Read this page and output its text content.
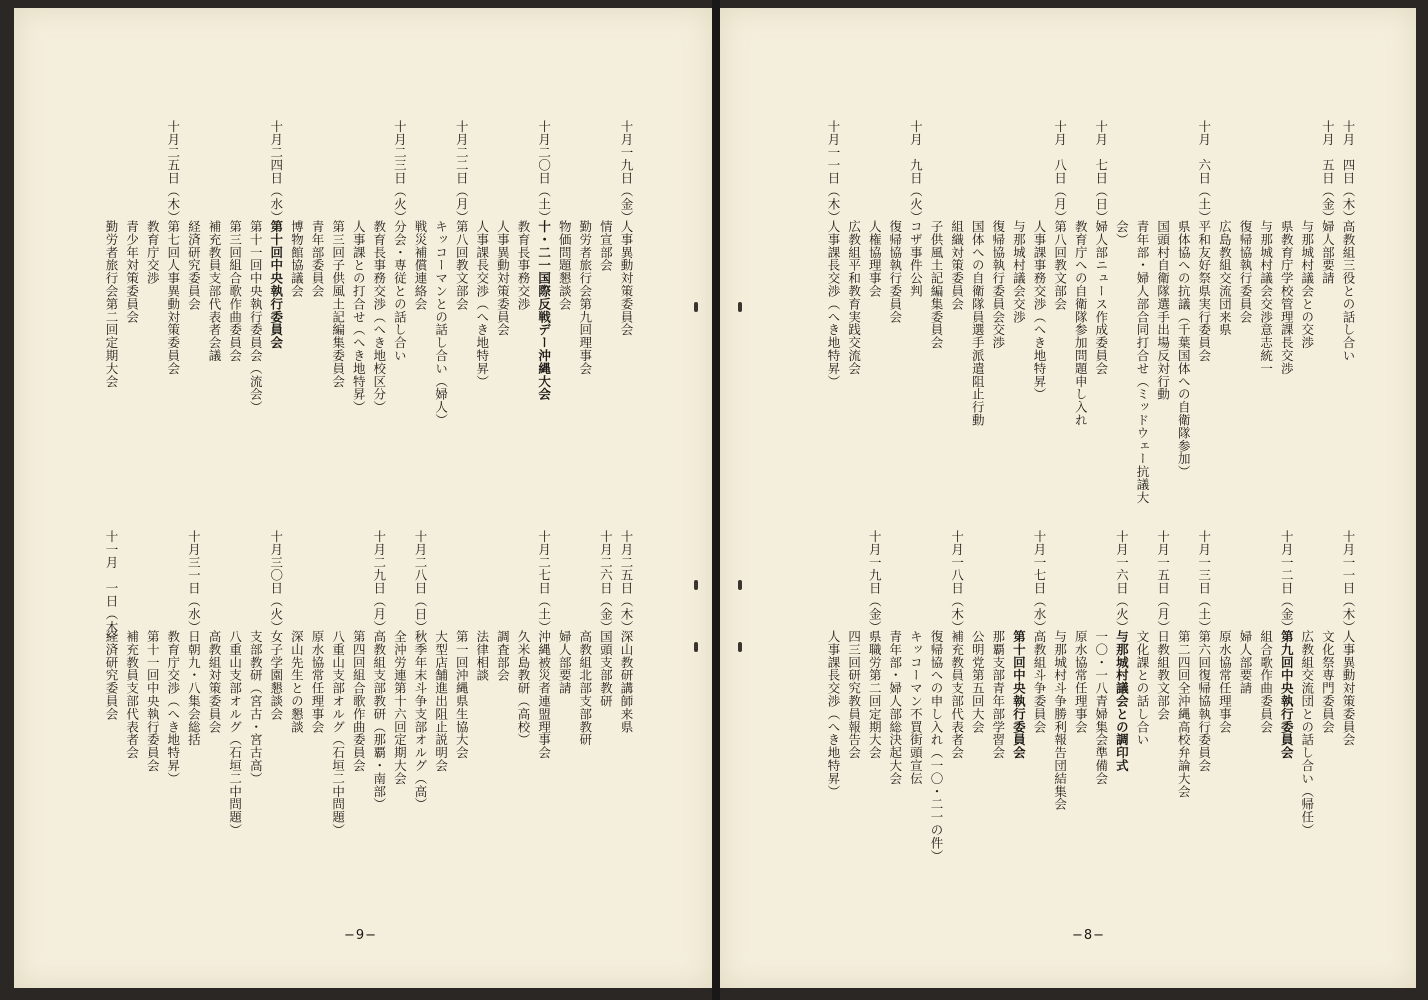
十月一九日（金）
人事異動対策委員会
情宣部会
勤労者旅行会第九回理事会
物価問題懇談会
十月二〇日（土）
十・二一国際反戦デー沖縄大会
教育長事務交渉
人事異動対策委員会
人事課長交渉（へき地特昇）
十月二二日（月）
第八回教文部会
キッコーマンとの話し合い（婦人）
戦災補償連絡会
十月二三日（火）
分会・専従との話し合い
教育長事務交渉（へき地校区分）
人事課との打合せ（へき地特昇）
第三回子供風土記編集委員会
青年部委員会
博物館協議会
十月二四日（水）
第十回中央執行委員会
第十一回中央執行委員会（流会）
第三回組合歌作曲委員会
補充教員支部代表者会議
経済研究委員会
十月二五日（木）
第七回人事異動対策委員会
教育庁交渉
青少年対策委員会
勤労者旅行会第二回定期大会
十月二五日（木）
深山教研講師来県
十月二六日（金）
国頭支部教研
高教組北部支部教研
婦人部要請
十月二七日（土）
沖縄被災者連盟理事会
久米島教研（高校）
調査部会
法律相談
第一回沖縄県生協大会
大型店舗進出阻止説明会
十月二八日（日）
秋季年末斗争支部オルグ（高）
全沖労連第十六回定期大会
十月二九日（月）
高教組支部教研（那覇・南部）
第四回組合歌作曲委員会
八重山支部オルグ（石垣二中問題）
原水協常任理事会
深山先生との懇談
十月三〇日（火）
女子学園懇談会
支部教研（宮古・宮古高）
八重山支部オルグ（石垣二中問題）
高教組対策委員会
十月三一日（水）
日朝九・八集会総括
教育庁交渉（へき地特昇）
第十一回中央執行委員会
補充教員支部代表者会
十一月　一日（木）
経済研究委員会
−9−
十月　四日（木）
高教組三役との話し合い
十月　五日（金）
婦人部要請
与那城村議会との交渉
県教育庁学校管理課長交渉
与那城村議会交渉意志統一
復帰協執行委員会
広島教組交流団来県
十月　六日（土）
平和友好祭県実行委員会
県体協への抗議（千葉国体への自衛隊参加）
国頭村自衛隊選手出場反対行動
青年部・婦人部合同打合せ（ミッドウェー抗議大
会）
十月　七日（日）
婦人部ニュース作成委員会
教育庁への自衛隊参加問題申し入れ
十月　八日（月）
第八回教文部会
人事課事務交渉（へき地特昇）
与那城村議会交渉
復帰協執行委員会交渉
国体への自衛隊員選手派遣阻止行動
組織対策委員会
子供風土記編集委員会
十月　九日（火）
コザ事件公判
復帰協執行委員会
人権協理事会
広教組平和教育実践交流会
十月一一日（木）
人事課長交渉（へき地特昇）
十月一一日（木）
人事異動対策委員会
文化祭専門委員会
広教組交流団との話し合い（帰任）
十月一二日（金）
第九回中央執行委員会
組合歌作曲委員会
婦人部要請
原水協常任理事会
十月一三日（土）
第六回復帰協執行委員会
第二四回全沖縄高校弁論大会
十月一五日（月）
日教組教文部会
文化課との話し合い
十月一六日（火）
与那城村議会との調印式
一〇・一八青婦集会準備会
原水協常任理事会
与那城村斗争勝利報告団結集会
十月一七日（水）
高教組斗争委員会
第十回中央執行委員会
那覇支部青年部学習会
公明党第五回大会
十月一八日（木）
補充教員支部代表者会
復帰協への申し入れ（一〇・二一の件）
キッコーマン不買街頭宣伝
青年部・婦人部総決起大会
十月一九日（金）
県職労第二回定期大会
四三回研究教員報告会
人事課長交渉（へき地特昇）
−8−
